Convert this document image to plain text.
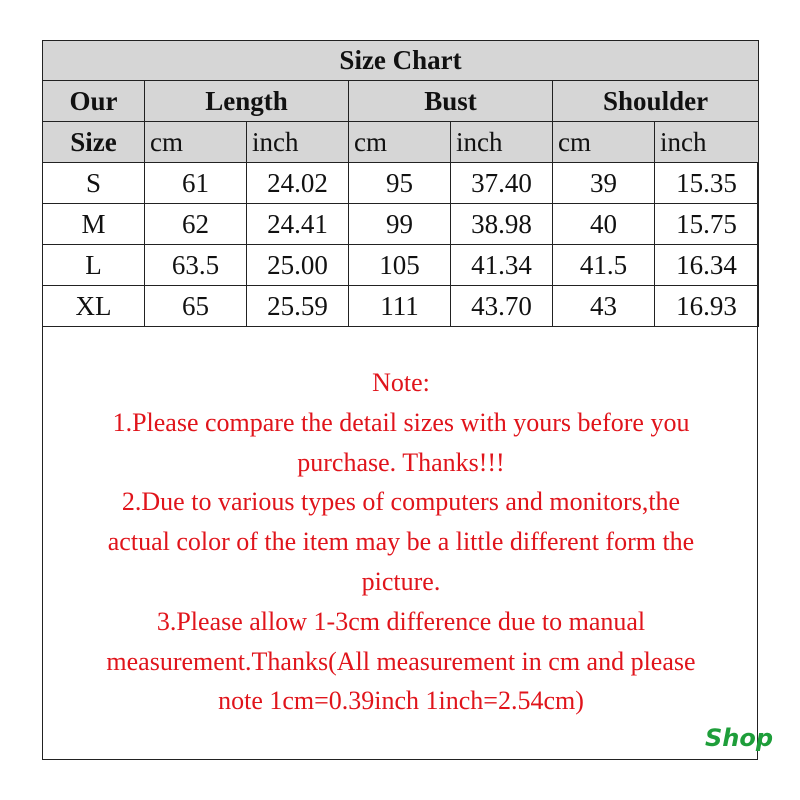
Size Chart						
Our	Length		Bust		Shoulder	
Size	cm	inch	cm	inch	cm	inch
S	61	24.02	95	37.40	39	15.35
M	62	24.41	99	38.98	40	15.75
L	63.5	25.00	105	41.34	41.5	16.34
XL	65	25.59	111	43.70	43	16.93
Note:
1.Please compare the detail sizes with yours before you
purchase. Thanks!!!
2.Due to various types of computers and monitors,the
actual color of the item may be a little different form the
picture.
3.Please allow 1-3cm difference due to manual
measurement.Thanks(All measurement in cm and please
note 1cm=0.39inch 1inch=2.54cm)
Shop
